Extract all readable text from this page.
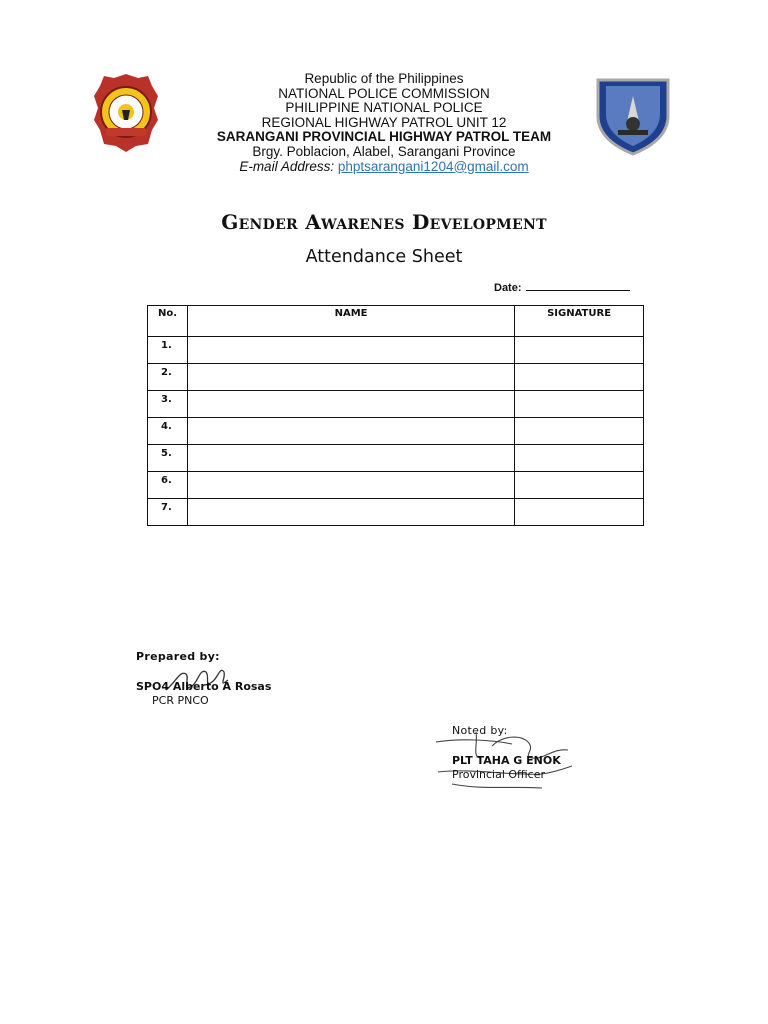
Republic of the Philippines
NATIONAL POLICE COMMISSION
PHILIPPINE NATIONAL POLICE
REGIONAL HIGHWAY PATROL UNIT 12
SARANGANI PROVINCIAL HIGHWAY PATROL TEAM
Brgy. Poblacion, Alabel, Sarangani Province
E-mail Address: phptsarangani1204@gmail.com
Gender Awarenes Development
Attendance Sheet
Date:
No.	NAME	SIGNATURE
1.		
2.		
3.		
4.		
5.		
6.		
7.		
Prepared by:
SPO4 Alberto A Rosas
PCR PNCO
Noted by:
PLT TAHA G ENOK
Provincial Officer
